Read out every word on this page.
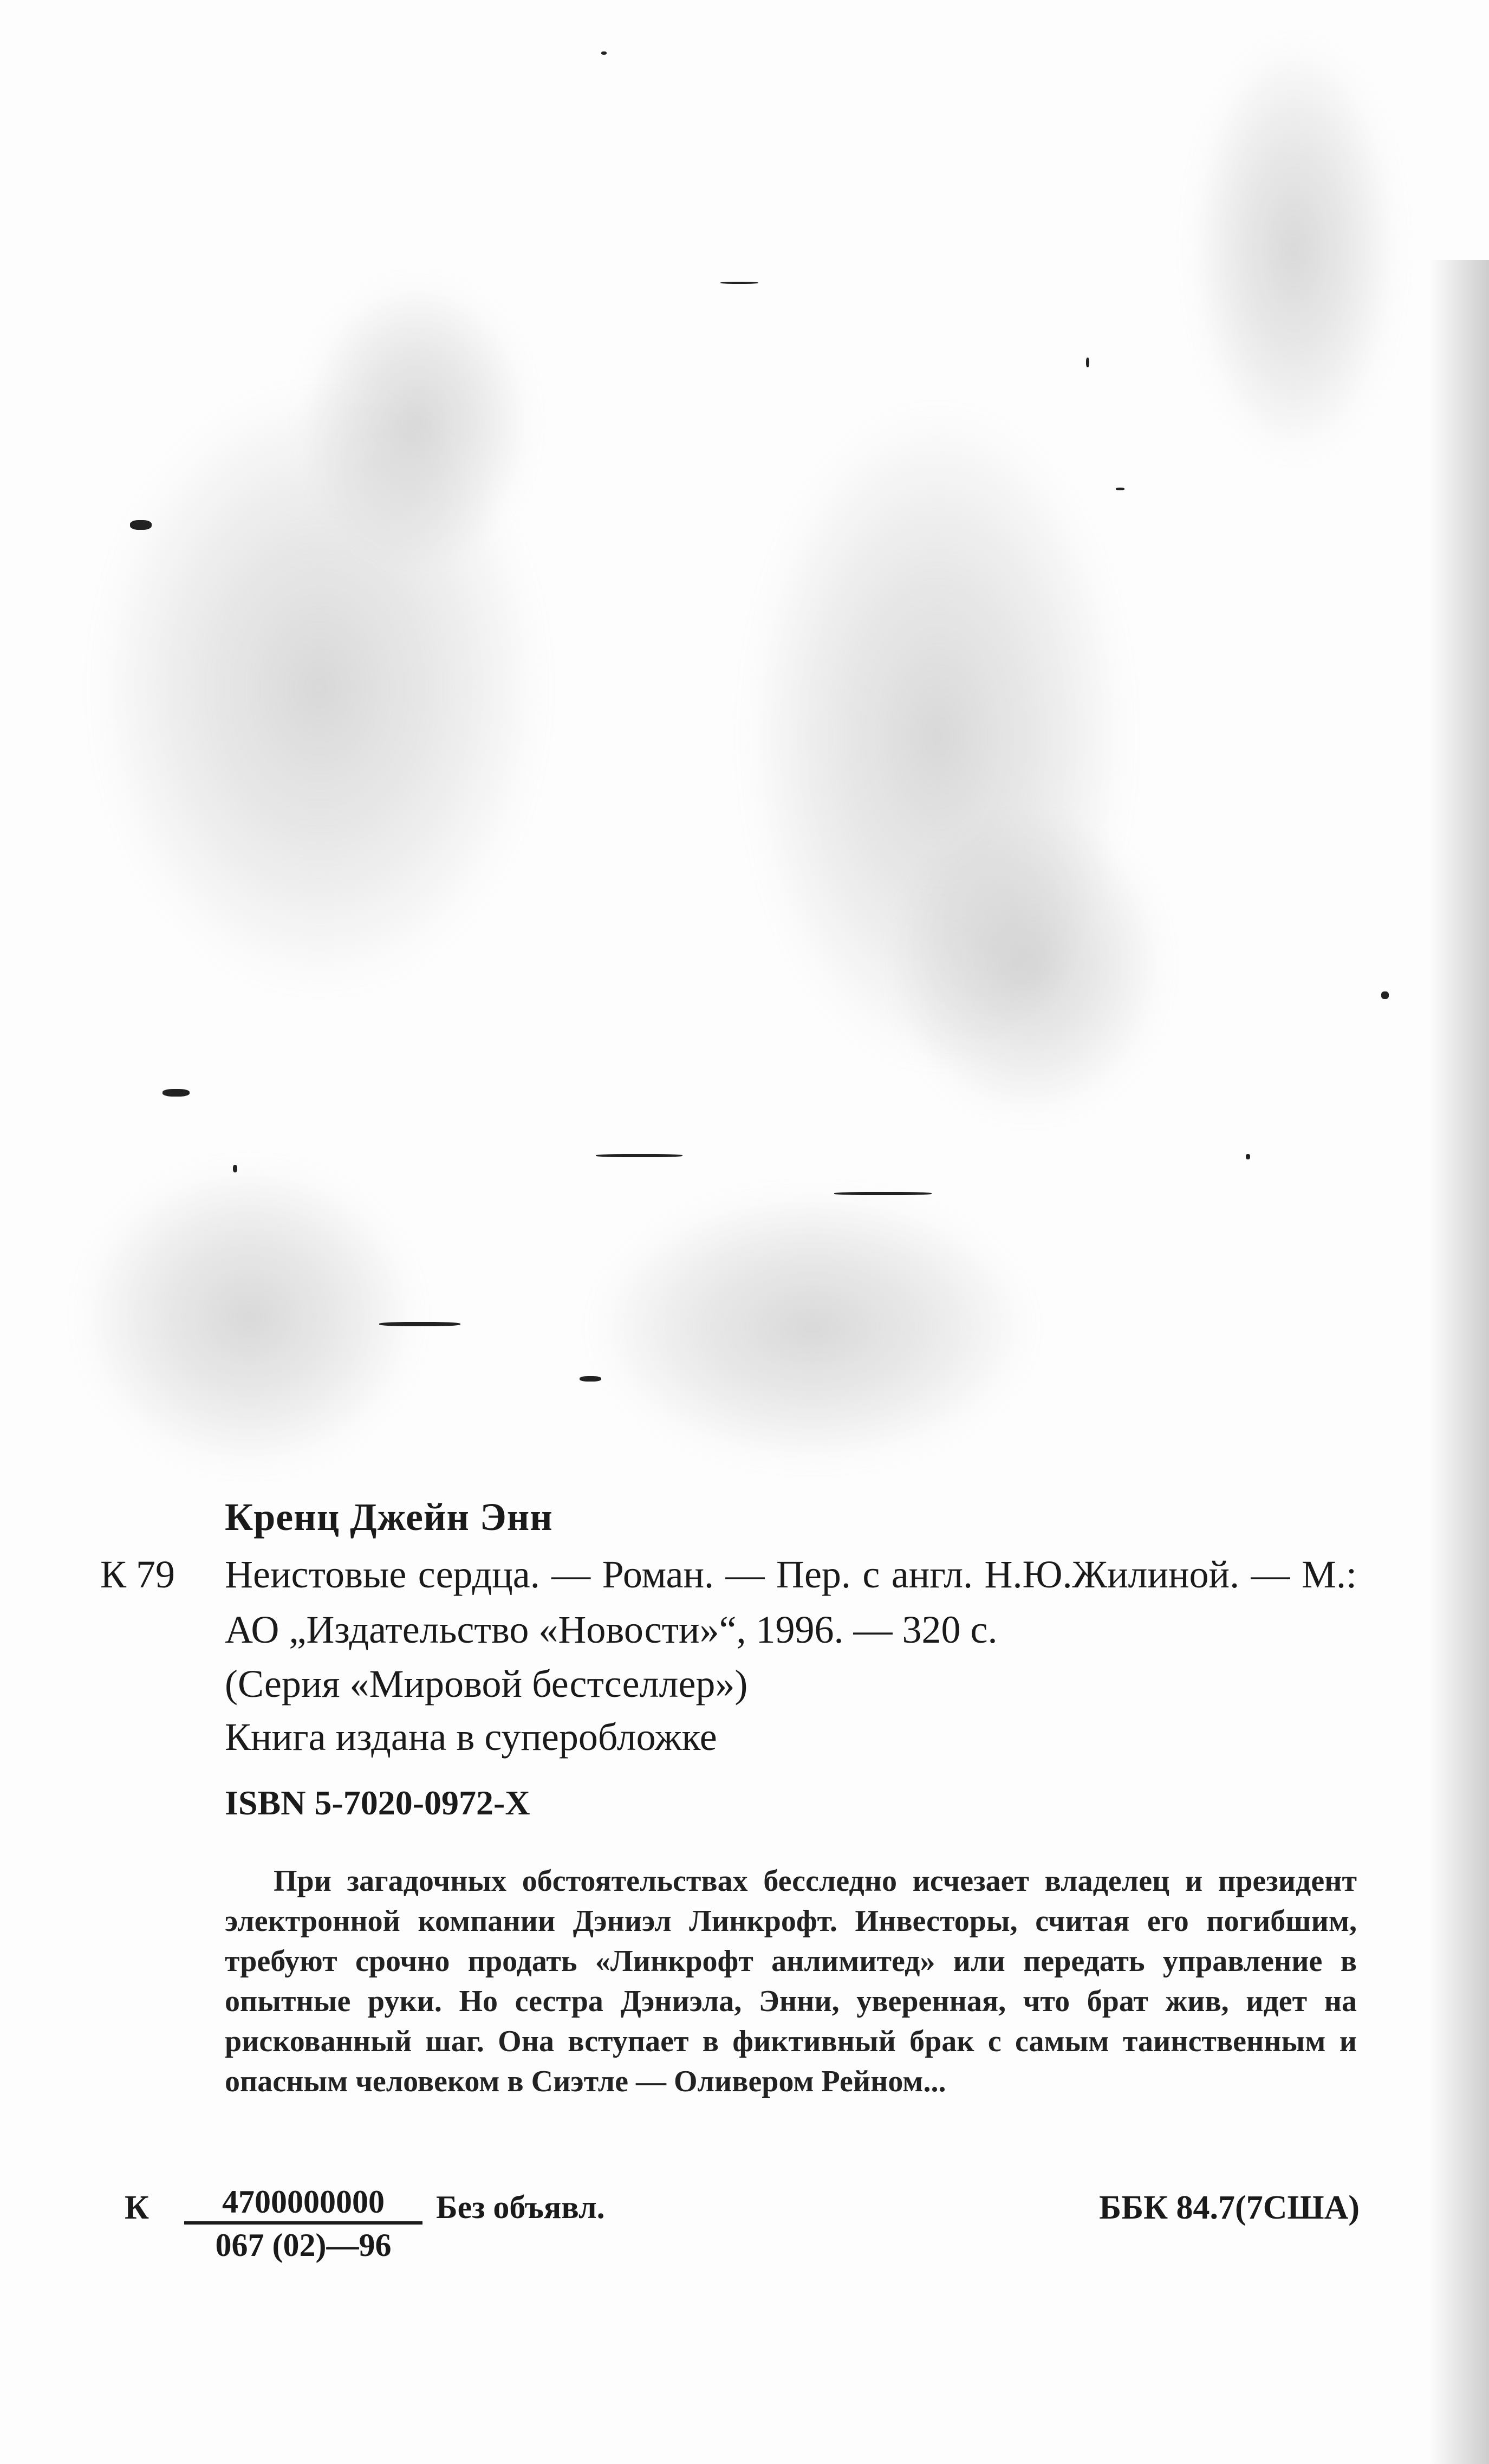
Кренц Джейн Энн
К 79 Неистовые сердца. — Роман. — Пер. с англ. Н.Ю.Жилиной. — М.: АО „Издательство «Новости»“, 1996. — 320 с.
(Серия «Мировой бестселлер»)
Книга издана в суперобложке
ISBN 5-7020-0972-X
При загадочных обстоятельствах бесследно исчезает владелец и президент электронной компании Дэниэл Линкрофт. Инвесторы, считая его погибшим, требуют срочно продать «Линкрофт анлимитед» или передать управление в опытные руки. Но сестра Дэниэла, Энни, уверенная, что брат жив, идет на рискованный шаг. Она вступает в фиктивный брак с самым таинственным и опасным человеком в Сиэтле — Оливером Рейном...
К $\frac{4700000000}{067 (02)—96}$ Без объявл.	ББК 84.7(7США)
